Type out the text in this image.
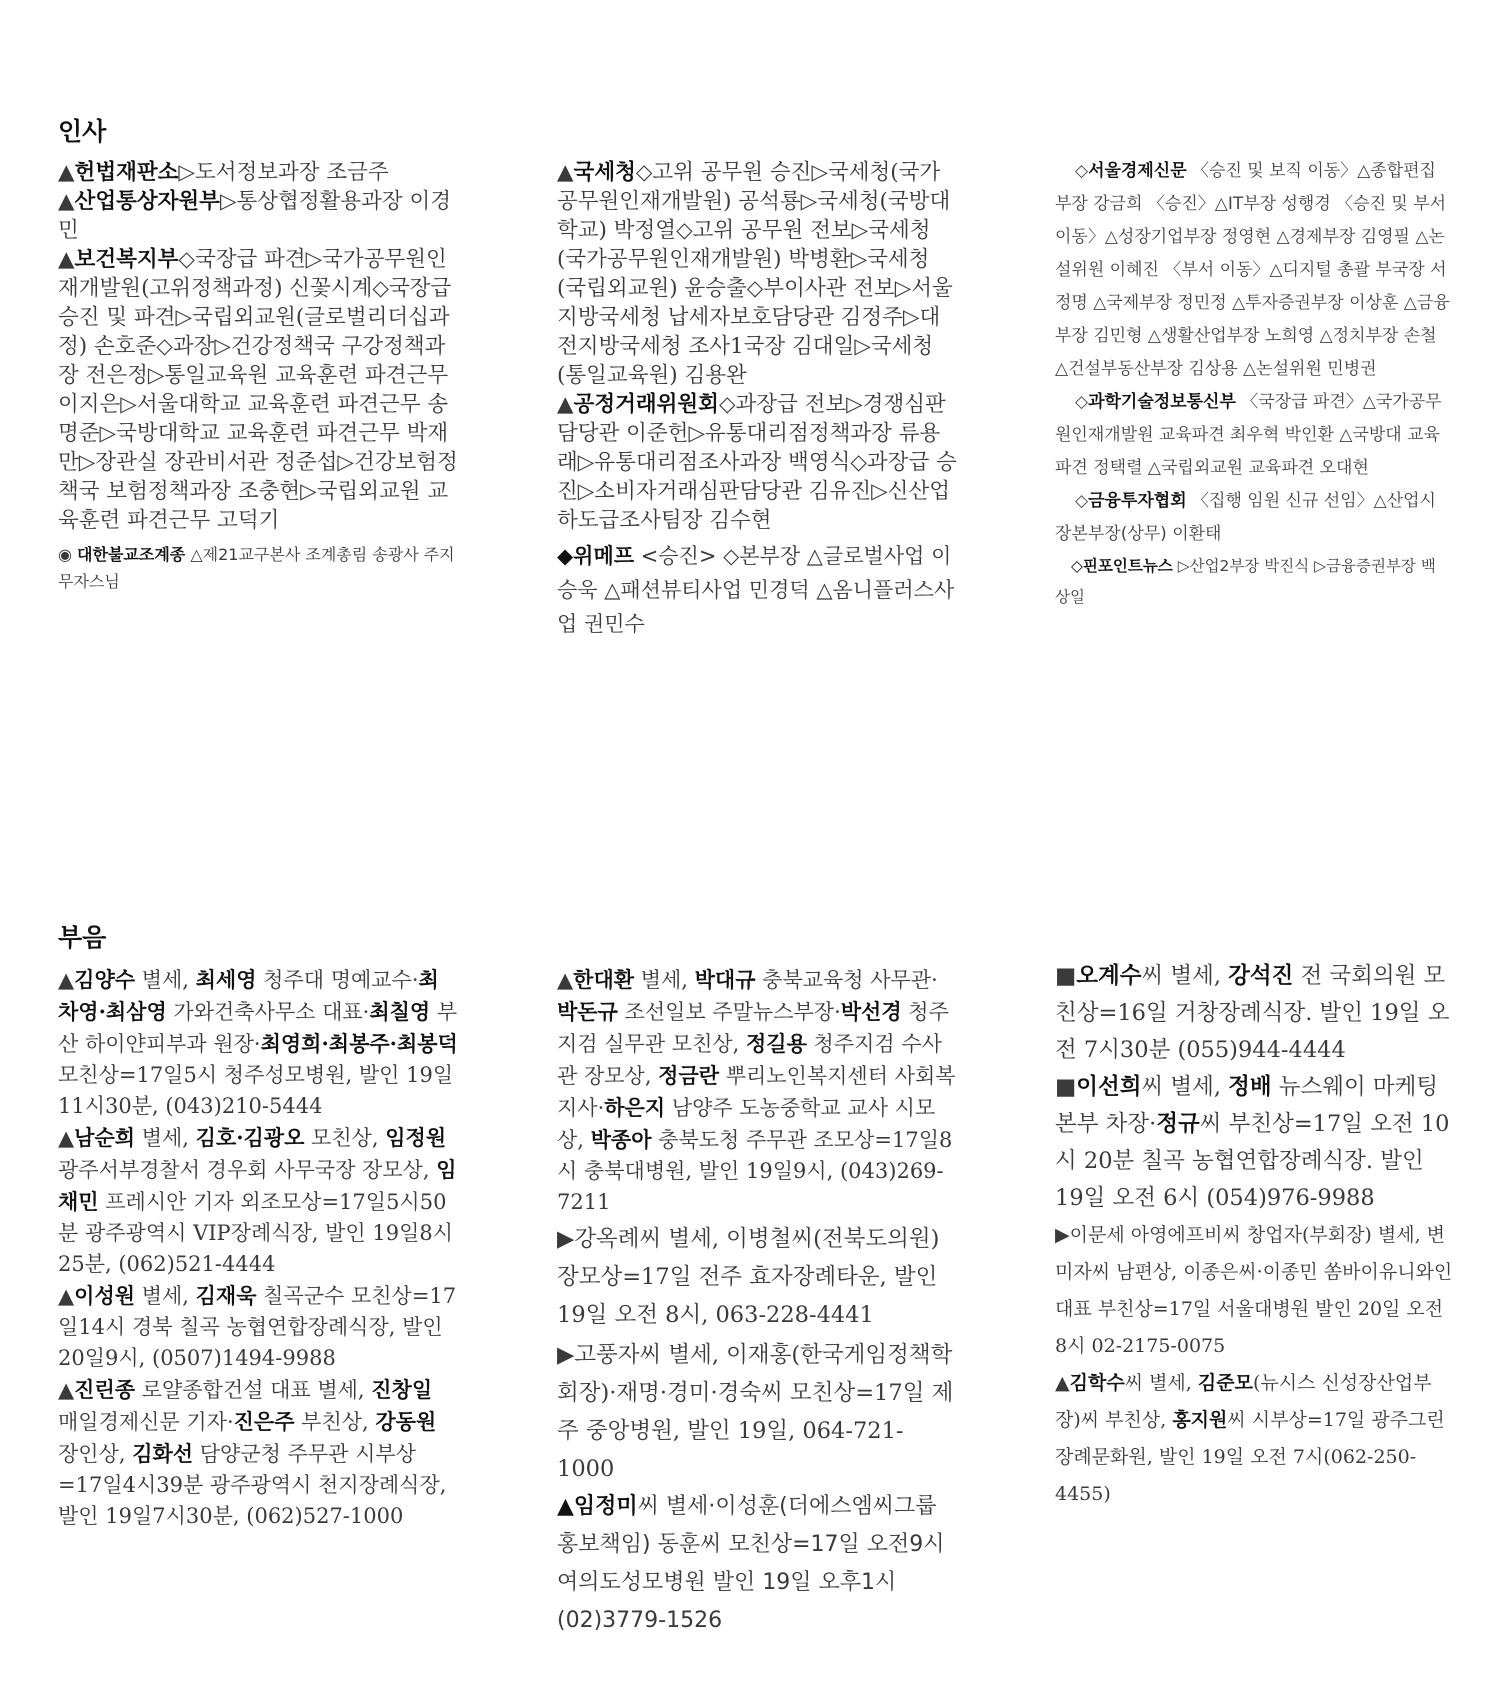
인사

▲헌법재판소▷도서정보과장 조금주

▲산업통상자원부▷통상협정활용과장 이경민

▲보건복지부◇국장급 파견▷국가공무원인재개발원(고위정책과정) 신꽃시계◇국장급 승진 및 파견▷국립외교원(글로벌리더십과정) 손호준◇과장▷건강정책국 구강정책과장 전은정▷통일교육원 교육훈련 파견근무 이지은▷서울대학교 교육훈련 파견근무 송명준▷국방대학교 교육훈련 파견근무 박재만▷장관실 장관비서관 정준섭▷건강보험정책국 보험정책과장 조충현▷국립외교원 교육훈련 파견근무 고덕기

◉ 대한불교조계종 △제21교구본사 조계총림 송광사 주지 무자스님

▲국세청◇고위 공무원 승진▷국세청(국가공무원인재개발원) 공석룡▷국세청(국방대학교) 박정열◇고위 공무원 전보▷국세청(국가공무원인재개발원) 박병환▷국세청(국립외교원) 윤승출◇부이사관 전보▷서울지방국세청 납세자보호담당관 김정주▷대전지방국세청 조사1국장 김대일▷국세청(통일교육원) 김용완

▲공정거래위원회◇과장급 전보▷경쟁심판담당관 이준헌▷유통대리점정책과장 류용래▷유통대리점조사과장 백영식◇과장급 승진▷소비자거래심판담당관 김유진▷신산업하도급조사팀장 김수현

◆위메프 <승진> ◇본부장 △글로벌사업 이승욱 △패션뷰티사업 민경덕 △옴니플러스사업 권민수

◇서울경제신문 〈승진 및 보직 이동〉△종합편집부장 강금희 〈승진〉△IT부장 성행경 〈승진 및 부서 이동〉△성장기업부장 정영현 △경제부장 김영필 △논설위원 이혜진 〈부서 이동〉△디지털 총괄 부국장 서정명 △국제부장 정민정 △투자증권부장 이상훈 △금융부장 김민형 △생활산업부장 노희영 △정치부장 손철 △건설부동산부장 김상용 △논설위원 민병권

◇과학기술정보통신부 〈국장급 파견〉△국가공무원인재개발원 교육파견 최우혁 박인환 △국방대 교육파견 정택렬 △국립외교원 교육파견 오대현

◇금융투자협회 〈집행 임원 신규 선임〉△산업시장본부장(상무) 이환태

◇핀포인트뉴스 ▷산업2부장 박진식 ▷금융증권부장 백상일

부음

▲김양수 별세, 최세영 청주대 명예교수·최차영·최삼영 가와건축사무소 대표·최칠영 부산 하이얀피부과 원장·최영희·최봉주·최봉덕 모친상=17일5시 청주성모병원, 발인 19일 11시30분, (043)210-5444

▲남순희 별세, 김호·김광오 모친상, 임정원 광주서부경찰서 경우회 사무국장 장모상, 임채민 프레시안 기자 외조모상=17일5시50분 광주광역시 VIP장례식장, 발인 19일8시25분, (062)521-4444

▲이성원 별세, 김재욱 칠곡군수 모친상=17일14시 경북 칠곡 농협연합장례식장, 발인 20일9시, (0507)1494-9988

▲진린종 로얄종합건설 대표 별세, 진창일 매일경제신문 기자·진은주 부친상, 강동원 장인상, 김화선 담양군청 주무관 시부상=17일4시39분 광주광역시 천지장례식장, 발인 19일7시30분, (062)527-1000

▲한대환 별세, 박대규 충북교육청 사무관·박돈규 조선일보 주말뉴스부장·박선경 청주지검 실무관 모친상, 정길용 청주지검 수사관 장모상, 정금란 뿌리노인복지센터 사회복지사·하은지 남양주 도농중학교 교사 시모상, 박종아 충북도청 주무관 조모상=17일8시 충북대병원, 발인 19일9시, (043)269-7211

▶강옥례씨 별세, 이병철씨(전북도의원) 장모상=17일 전주 효자장례타운, 발인 19일 오전 8시, 063-228-4441

▶고풍자씨 별세, 이재홍(한국게임정책학회장)·재명·경미·경숙씨 모친상=17일 제주 중앙병원, 발인 19일, 064-721-1000

▲임정미씨 별세·이성훈(더에스엠씨그룹 홍보책임) 동훈씨 모친상=17일 오전9시 여의도성모병원 발인 19일 오후1시 (02)3779-1526

■오계수씨 별세, 강석진 전 국회의원 모친상=16일 거창장례식장. 발인 19일 오전 7시30분 (055)944-4444

■이선희씨 별세, 정배 뉴스웨이 마케팅본부 차장·정규씨 부친상=17일 오전 10시 20분 칠곡 농협연합장례식장. 발인 19일 오전 6시 (054)976-9988

▶이문세 아영에프비씨 창업자(부회장) 별세, 변미자씨 남편상, 이종은씨·이종민 쏨바이유니와인 대표 부친상=17일 서울대병원 발인 20일 오전 8시 02-2175-0075

▲김학수씨 별세, 김준모(뉴시스 신성장산업부장)씨 부친상, 홍지원씨 시부상=17일 광주그린장례문화원, 발인 19일 오전 7시(062-250-4455)
